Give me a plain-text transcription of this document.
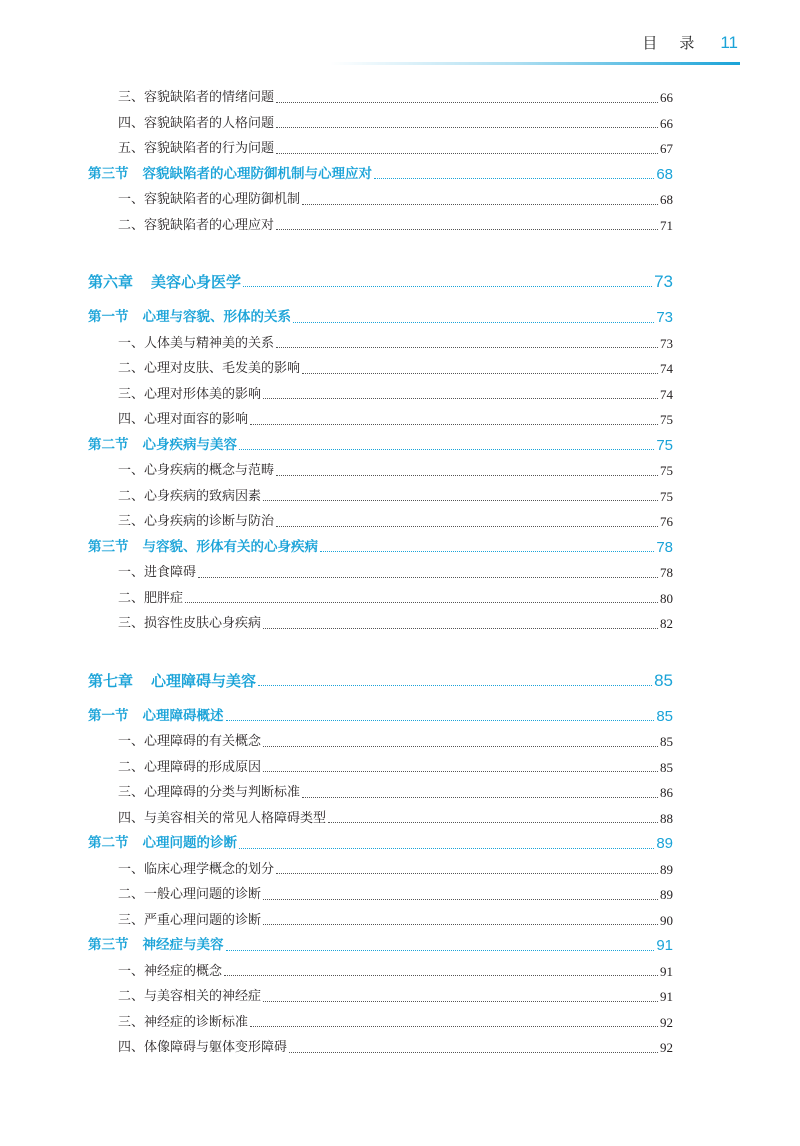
目录 11
三、容貌缺陷者的情绪问题	66
四、容貌缺陷者的人格问题	66
五、容貌缺陷者的行为问题	67
第三节 容貌缺陷者的心理防御机制与心理应对	68
一、容貌缺陷者的心理防御机制	68
二、容貌缺陷者的心理应对	71
第六章 美容心身医学	73
第一节 心理与容貌、形体的关系	73
一、人体美与精神美的关系	73
二、心理对皮肤、毛发美的影响	74
三、心理对形体美的影响	74
四、心理对面容的影响	75
第二节 心身疾病与美容	75
一、心身疾病的概念与范畴	75
二、心身疾病的致病因素	75
三、心身疾病的诊断与防治	76
第三节 与容貌、形体有关的心身疾病	78
一、进食障碍	78
二、肥胖症	80
三、损容性皮肤心身疾病	82
第七章 心理障碍与美容	85
第一节 心理障碍概述	85
一、心理障碍的有关概念	85
二、心理障碍的形成原因	85
三、心理障碍的分类与判断标准	86
四、与美容相关的常见人格障碍类型	88
第二节 心理问题的诊断	89
一、临床心理学概念的划分	89
二、一般心理问题的诊断	89
三、严重心理问题的诊断	90
第三节 神经症与美容	91
一、神经症的概念	91
二、与美容相关的神经症	91
三、神经症的诊断标准	92
四、体像障碍与躯体变形障碍	92
